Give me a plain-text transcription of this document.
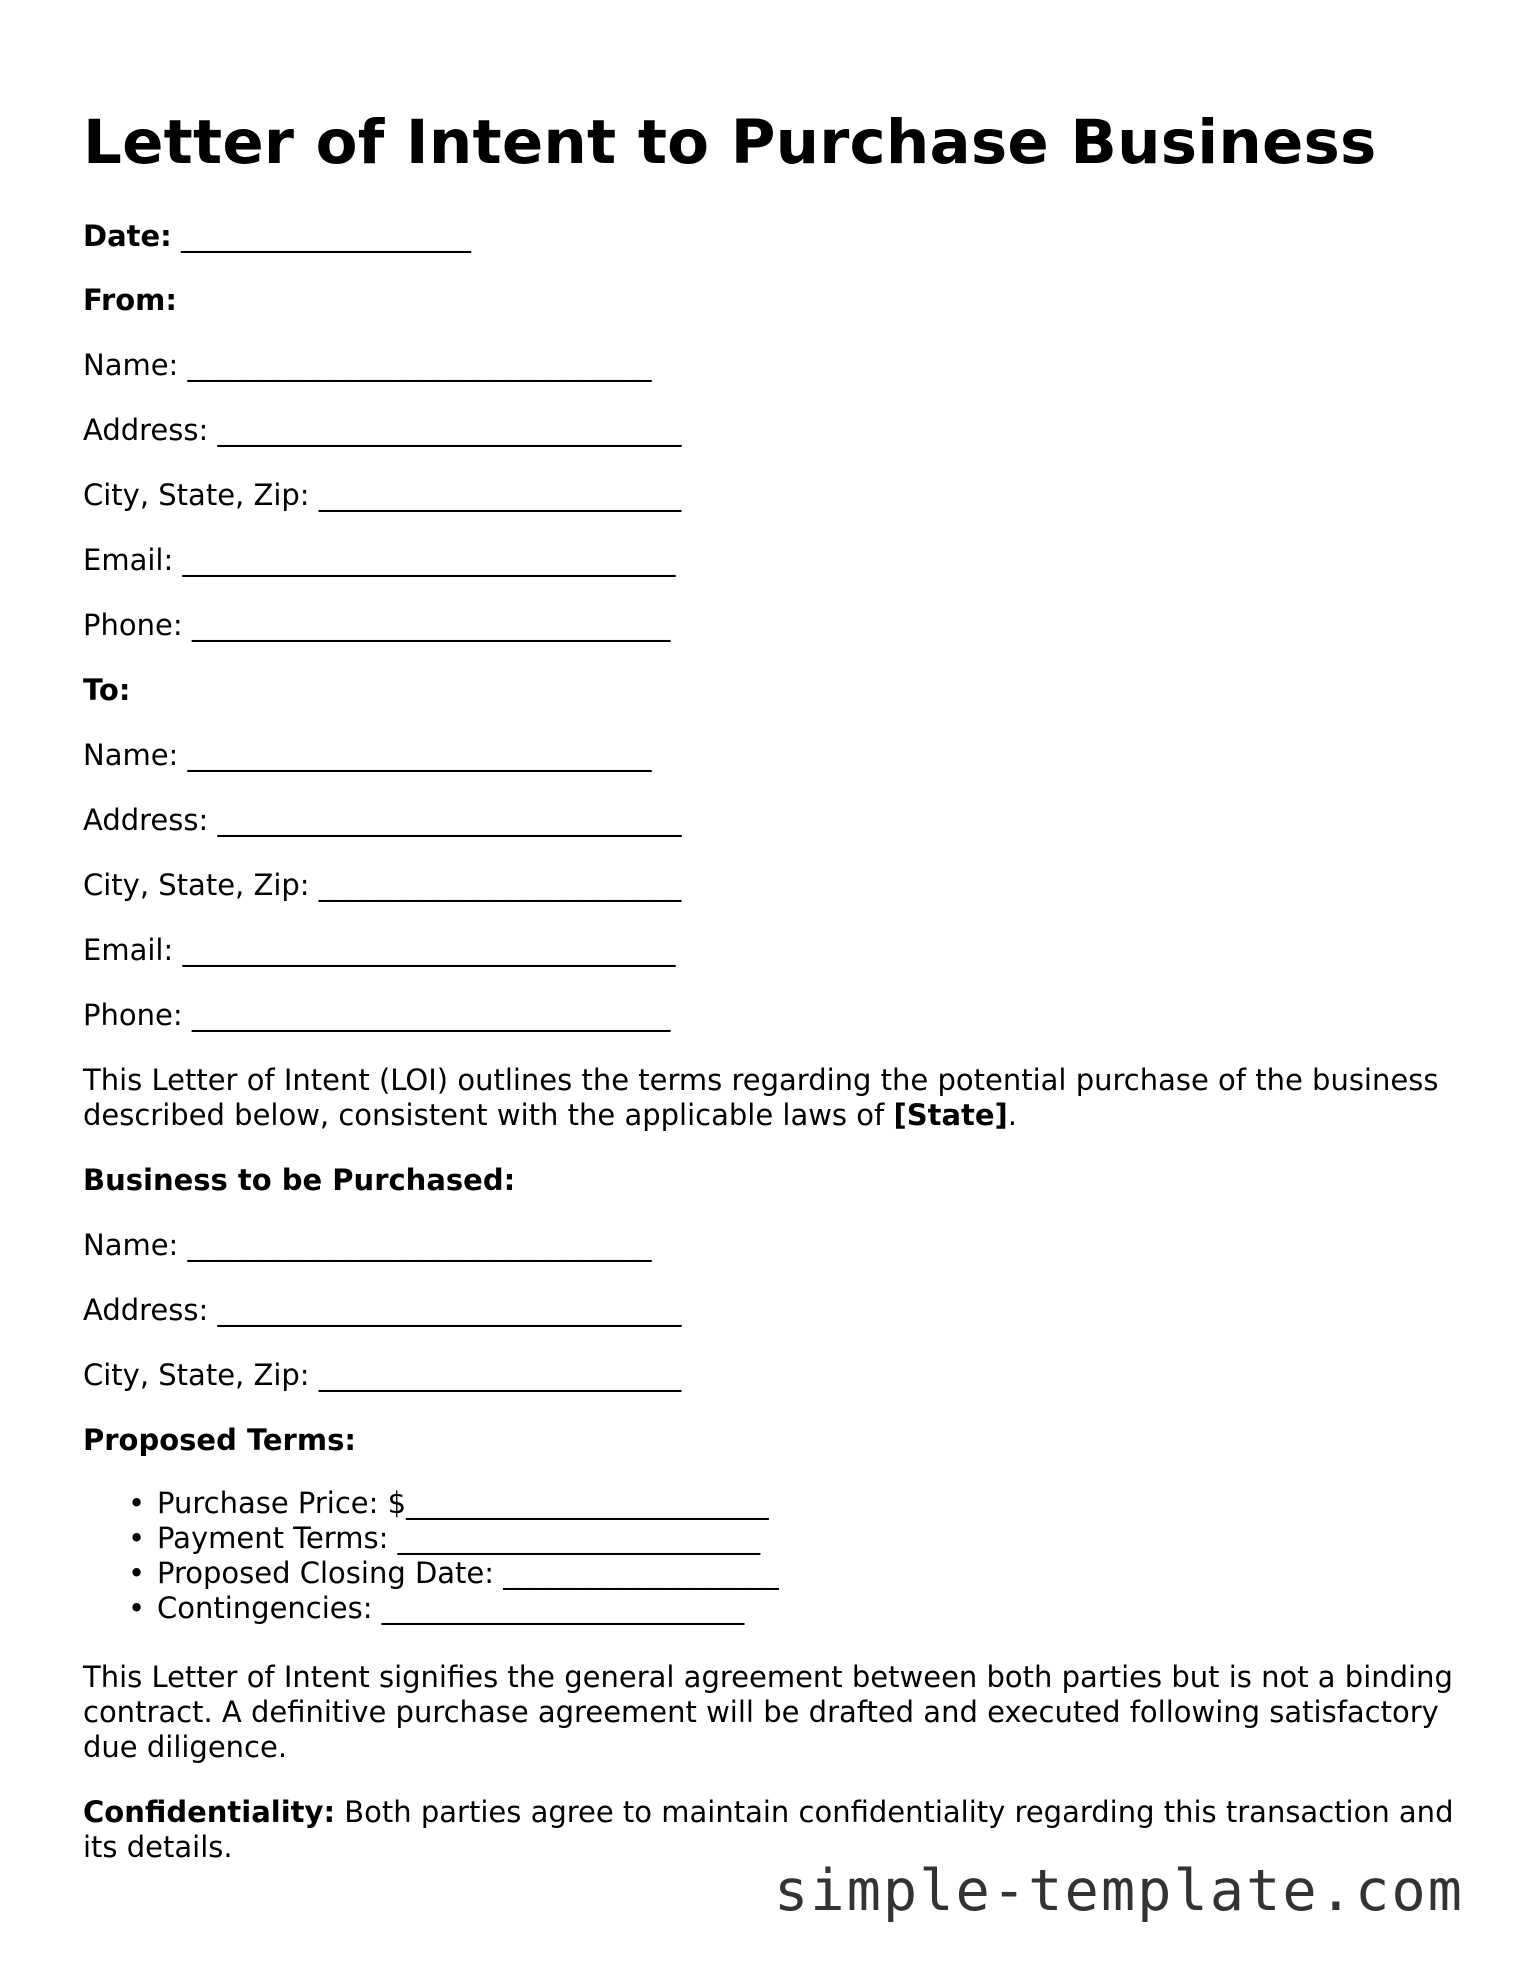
Letter of Intent to Purchase Business

Date: ____________________

From:

Name: ________________________________

Address: ________________________________

City, State, Zip: _________________________

Email: __________________________________

Phone: _________________________________

To:

Name: ________________________________

Address: ________________________________

City, State, Zip: _________________________

Email: __________________________________

Phone: _________________________________

This Letter of Intent (LOI) outlines the terms regarding the potential purchase of the business described below, consistent with the applicable laws of [State].

Business to be Purchased:

Name: ________________________________

Address: ________________________________

City, State, Zip: _________________________

Proposed Terms:

• Purchase Price: $_________________________
• Payment Terms: _________________________
• Proposed Closing Date: ___________________
• Contingencies: _________________________

This Letter of Intent signifies the general agreement between both parties but is not a binding contract. A definitive purchase agreement will be drafted and executed following satisfactory due diligence.

Confidentiality: Both parties agree to maintain confidentiality regarding this transaction and its details.

simple-template.com
